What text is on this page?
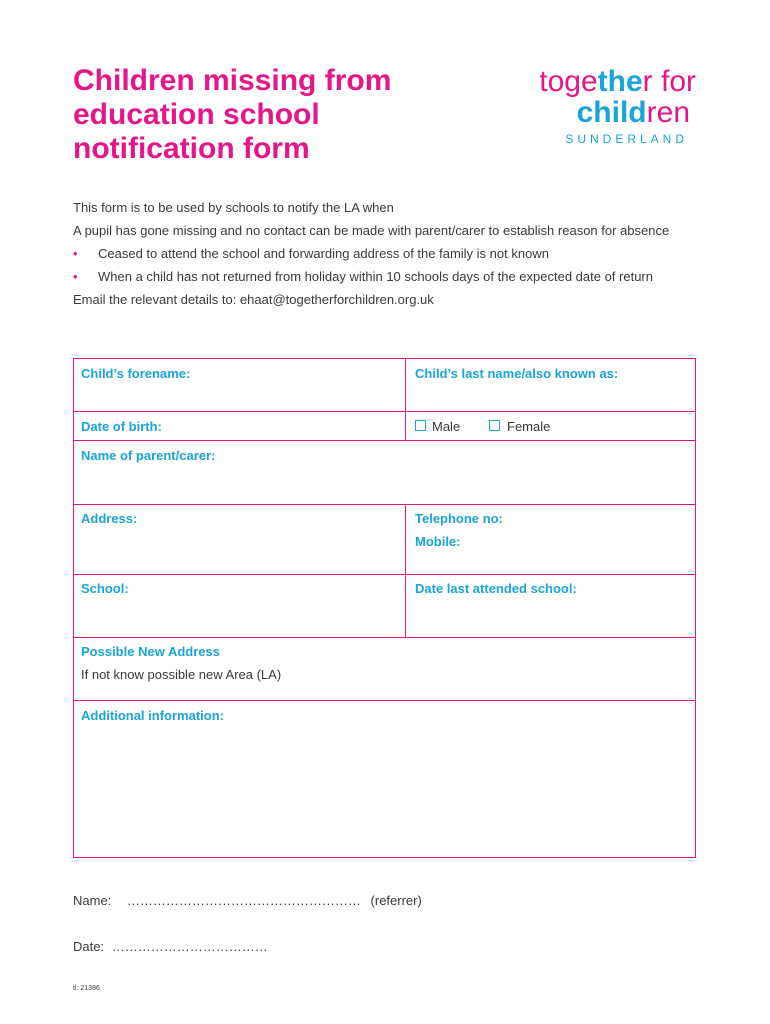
Children missing from education school notification form
together for
children
SUNDERLAND

This form is to be used by schools to notify the LA when

A pupil has gone missing and no contact can be made with parent/carer to establish reason for absence

• Ceased to attend the school and forwarding address of the family is not known
• When a child has not returned from holiday within 10 schools days of the expected date of return

Email the relevant details to: ehaat@togetherforchildren.org.uk

Child’s forename:	Child’s last name/also known as:
Date of birth:	Male	Female
Name of parent/carer:
Address:	Telephone no:
Mobile:
School:	Date last attended school:
Possible New Address
If not know possible new Area (LA)
Additional information:
Name: ……………………………………………… (referrer)
Date: ………………………………
tl: 21386
